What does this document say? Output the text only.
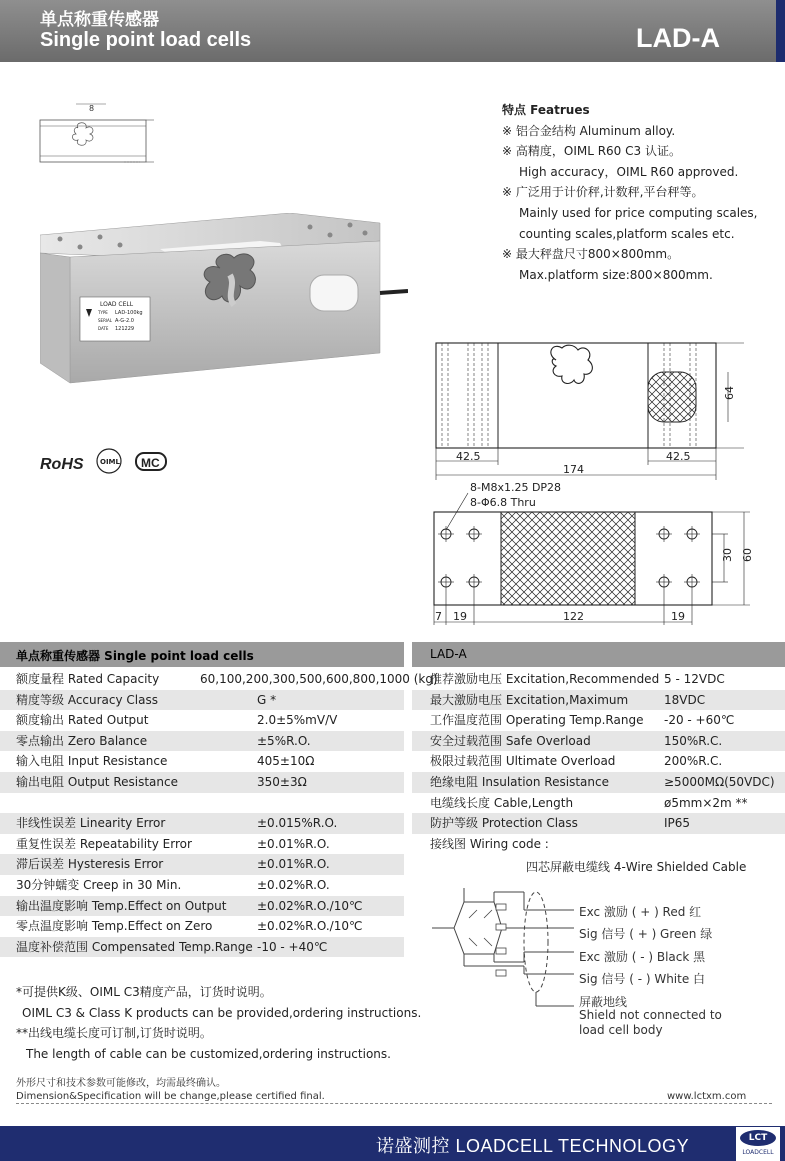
单点称重传感器
Single point load cells	LAD-A
8	特点 Featrues
※ 铝合金结构 Aluminum alloy.
※ 高精度，OIML R60 C3 认证。
High accuracy，OIML R60 approved.
※ 广泛用于计价秤,计数秤,平台秤等。
Mainly used for price computing scales,
counting scales,platform scales etc.
※ 最大秤盘尺寸800×800mm。
Max.platform size:800×800mm.
LOAD CELL
TYPE LAD-100kg
SERIAL A-G-2.0
DATE 121229
RoHS OIML MC
64
42.5	42.5
174
8-M8x1.25 DP28
8-Φ6.8 Thru
30 60
7 19	122	19
单点称重传感器 Single point load cells	LAD-A
额度量程 Rated Capacity	60,100,200,300,500,600,800,1000 (kg)
精度等级 Accuracy Class	G *
额度输出 Rated Output	2.0±5%mV/V
零点输出 Zero Balance	±5%R.O.
输入电阻 Input Resistance	405±10Ω
输出电阻 Output Resistance	350±3Ω
非线性误差 Linearity Error	±0.015%R.O.
重复性误差 Repeatability Error	±0.01%R.O.
滞后误差 Hysteresis Error	±0.01%R.O.
30分钟蠕变 Creep in 30 Min.	±0.02%R.O.
输出温度影响 Temp.Effect on Output	±0.02%R.O./10℃
零点温度影响 Temp.Effect on Zero	±0.02%R.O./10℃
温度补偿范围 Compensated Temp.Range -10 - +40℃
推荐激励电压 Excitation,Recommended 5 - 12VDC
最大激励电压 Excitation,Maximum	18VDC
工作温度范围 Operating Temp.Range -20 - +60℃
安全过载范围 Safe Overload	150%R.C.
极限过载范围 Ultimate Overload	200%R.C.
绝缘电阻 Insulation Resistance	≥5000MΩ(50VDC)
电缆线长度 Cable,Length	ø5mm×2m **
防护等级 Protection Class	IP65
接线图 Wiring code :
四芯屏蔽电缆线 4-Wire Shielded Cable
Exc 激励 ( + ) Red 红
Sig 信号 ( + ) Green 绿
Exc 激励 ( - ) Black 黑
Sig 信号 ( - ) White 白
屏蔽地线
Shield not connected to
load cell body
*可提供K级、OIML C3精度产品，订货时说明。
OIML C3 & Class K products can be provided,ordering instructions.
**出线电缆长度可订制,订货时说明。
The length of cable can be customized,ordering instructions.
外形尺寸和技术参数可能修改，均需最终确认。
Dimension&Specification will be change,please certified final.	www.lctxm.com
诺盛测控 LOADCELL TECHNOLOGY	LCT
LOADCELL
